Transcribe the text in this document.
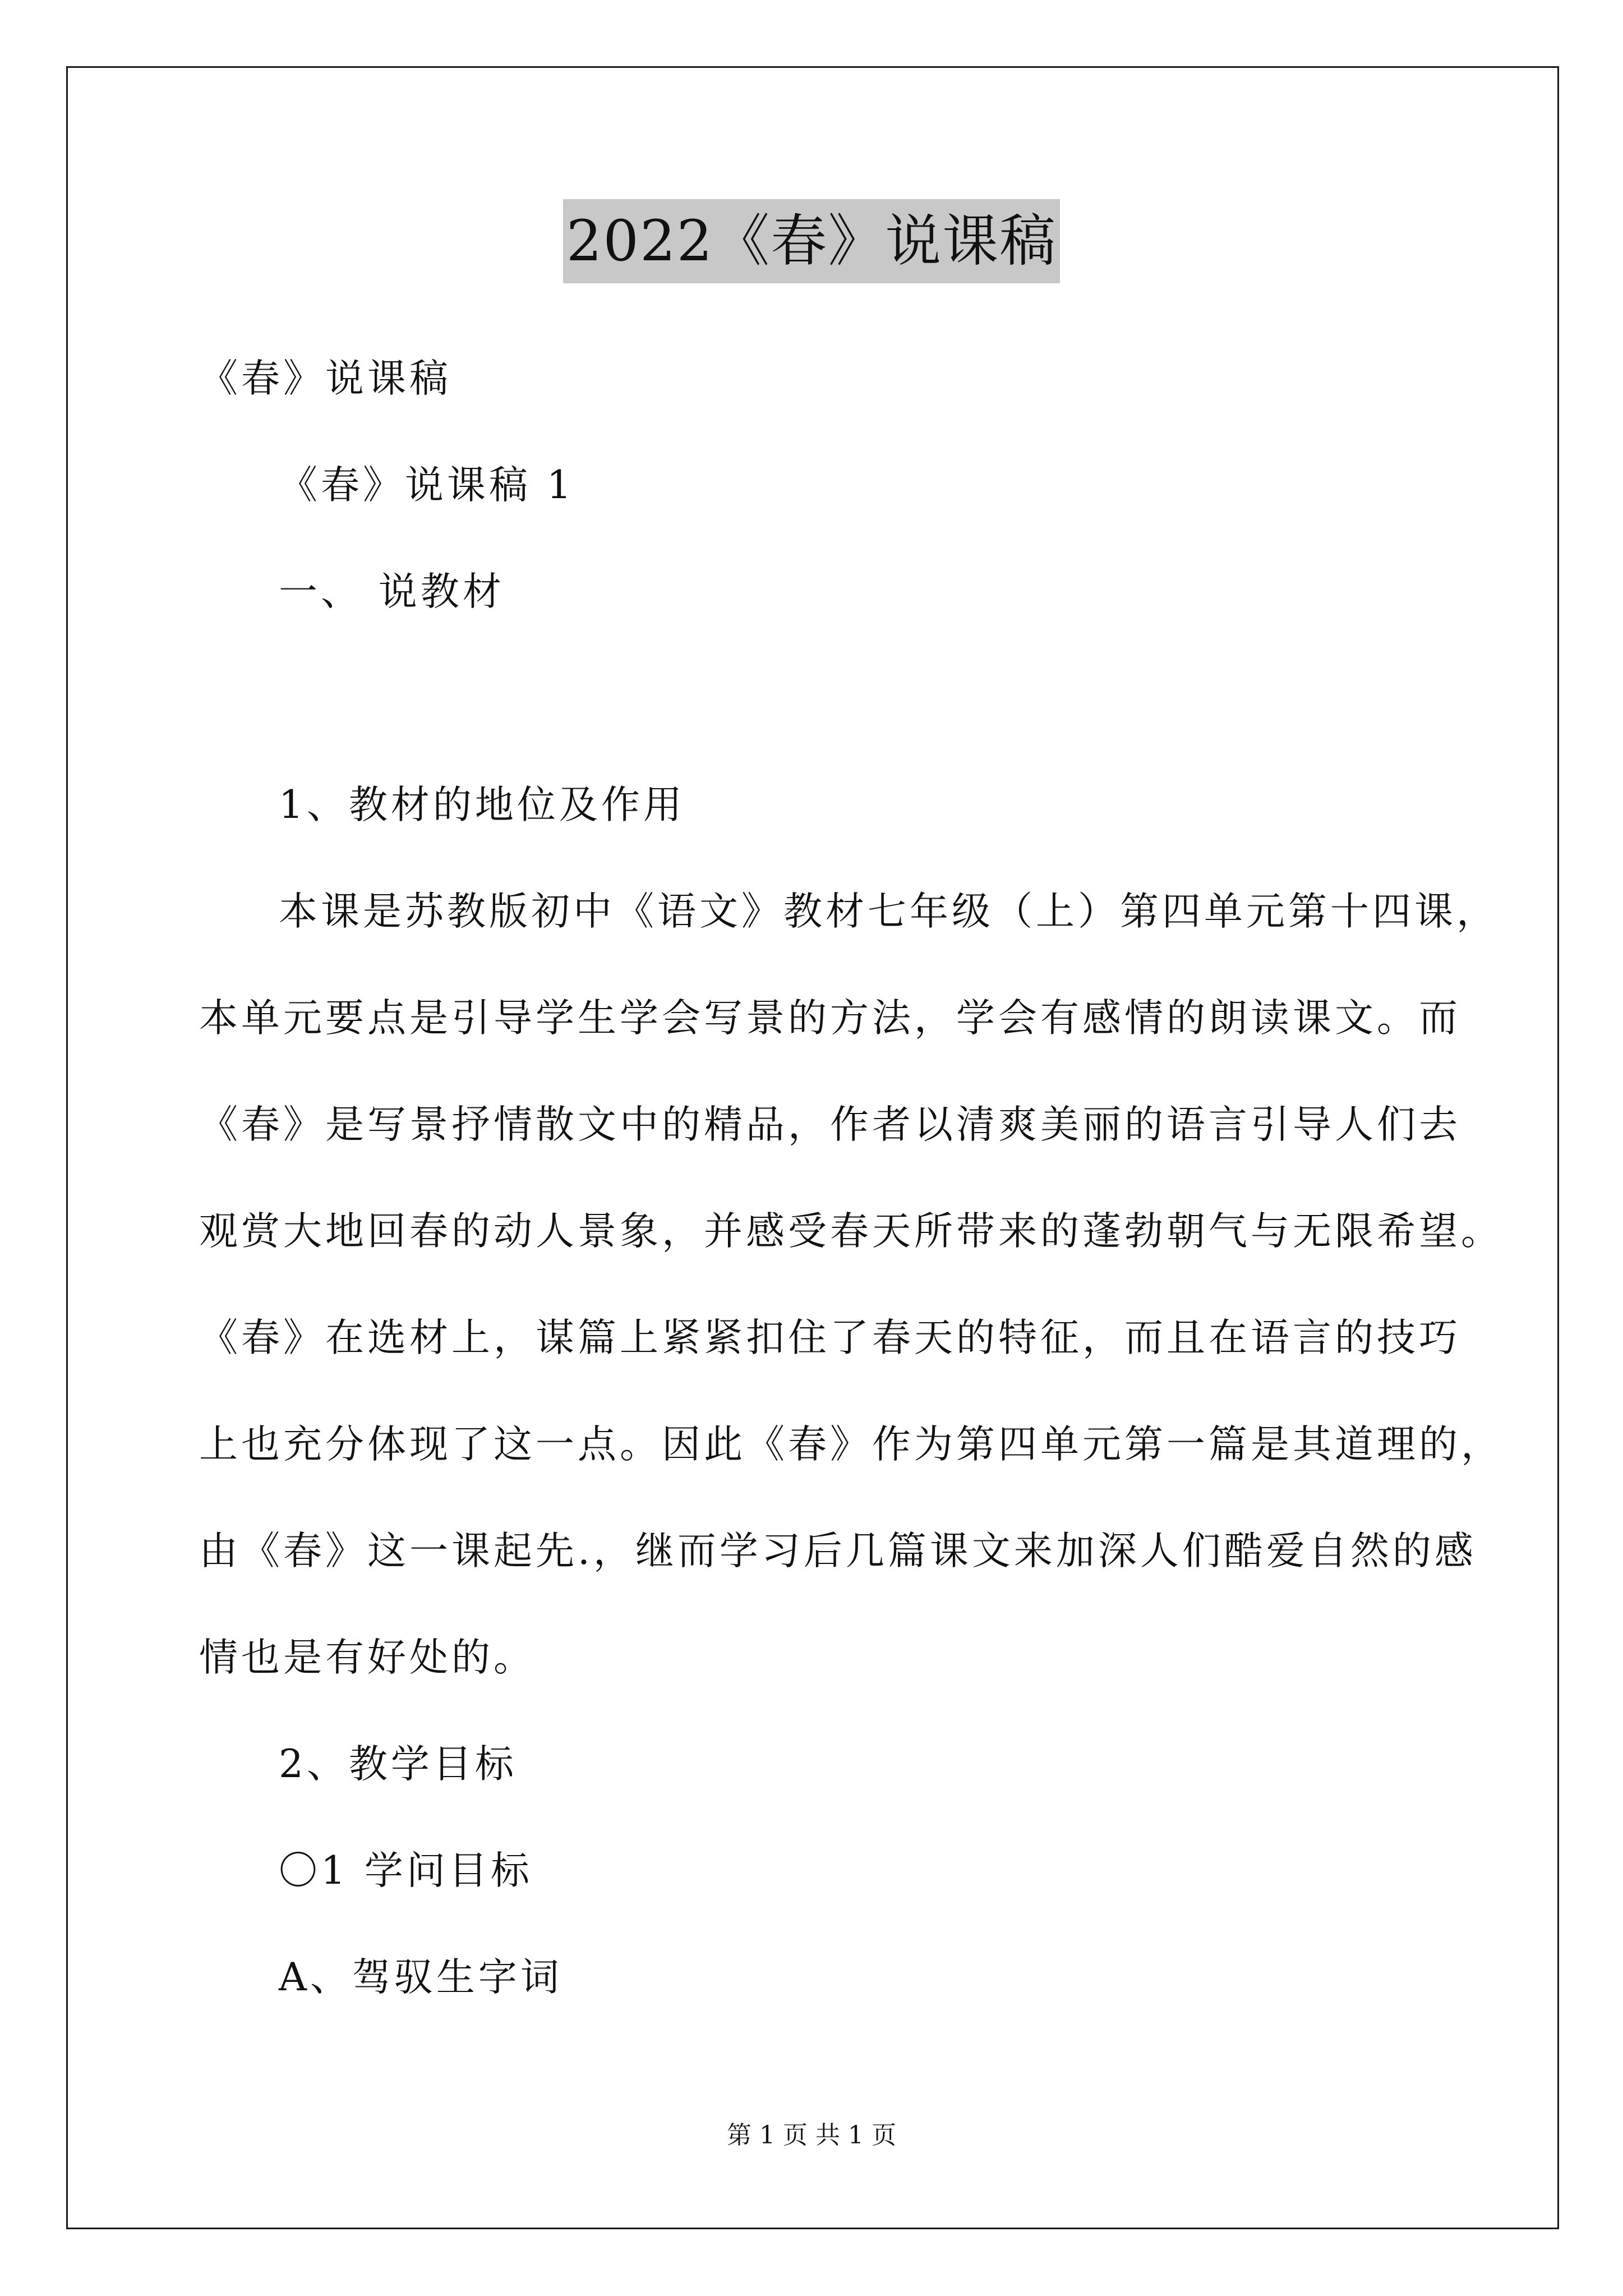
2022《春》说课稿
《春》说课稿
《春》说课稿 1
一、 说教材
1、教材的地位及作用
本课是苏教版初中《语文》教材七年级（上）第四单元第十四课，
本单元要点是引导学生学会写景的方法，学会有感情的朗读课文。而
《春》是写景抒情散文中的精品，作者以清爽美丽的语言引导人们去
观赏大地回春的动人景象，并感受春天所带来的蓬勃朝气与无限希望。
《春》在选材上，谋篇上紧紧扣住了春天的特征，而且在语言的技巧
上也充分体现了这一点。因此《春》作为第四单元第一篇是其道理的，
由《春》这一课起先.，继而学习后几篇课文来加深人们酷爱自然的感
情也是有好处的。
2、教学目标
〇1 学问目标
A、驾驭生字词
第 1 页 共 1 页
